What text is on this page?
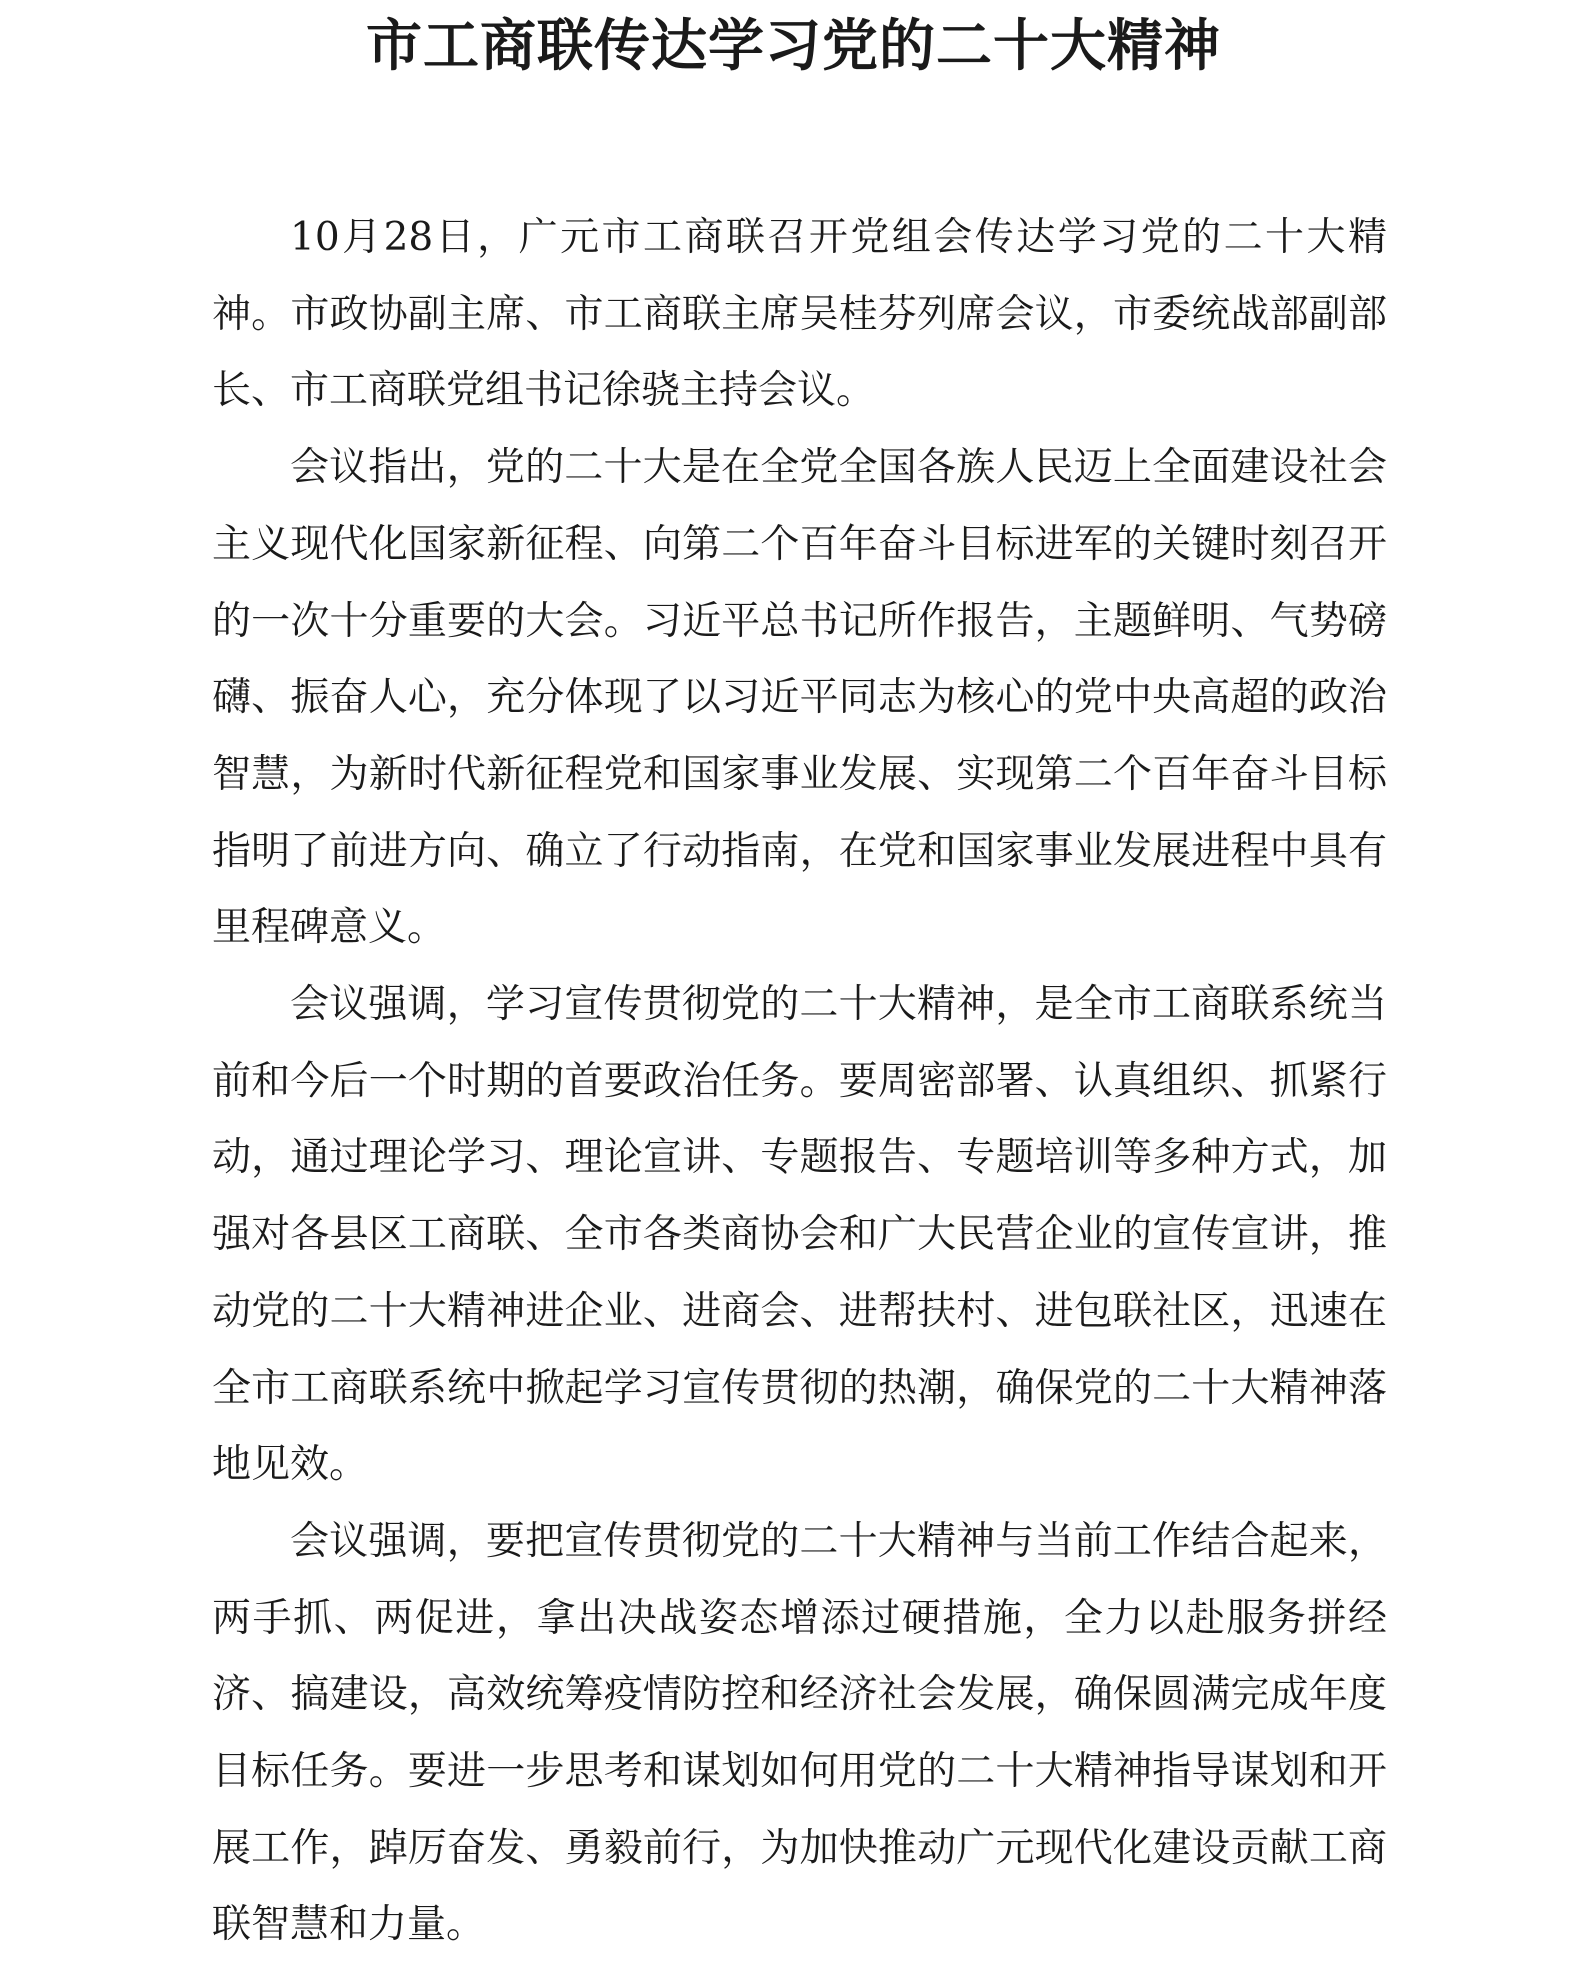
市工商联传达学习党的二十大精神

10月28日，广元市工商联召开党组会传达学习党的二十大精神。市政协副主席、市工商联主席吴桂芬列席会议，市委统战部副部长、市工商联党组书记徐骁主持会议。

会议指出，党的二十大是在全党全国各族人民迈上全面建设社会主义现代化国家新征程、向第二个百年奋斗目标进军的关键时刻召开的一次十分重要的大会。习近平总书记所作报告，主题鲜明、气势磅礴、振奋人心，充分体现了以习近平同志为核心的党中央高超的政治智慧，为新时代新征程党和国家事业发展、实现第二个百年奋斗目标指明了前进方向、确立了行动指南，在党和国家事业发展进程中具有里程碑意义。

会议强调，学习宣传贯彻党的二十大精神，是全市工商联系统当前和今后一个时期的首要政治任务。要周密部署、认真组织、抓紧行动，通过理论学习、理论宣讲、专题报告、专题培训等多种方式，加强对各县区工商联、全市各类商协会和广大民营企业的宣传宣讲，推动党的二十大精神进企业、进商会、进帮扶村、进包联社区，迅速在全市工商联系统中掀起学习宣传贯彻的热潮，确保党的二十大精神落地见效。

会议强调，要把宣传贯彻党的二十大精神与当前工作结合起来，两手抓、两促进，拿出决战姿态增添过硬措施，全力以赴服务拼经济、搞建设，高效统筹疫情防控和经济社会发展，确保圆满完成年度目标任务。要进一步思考和谋划如何用党的二十大精神指导谋划和开展工作，踔厉奋发、勇毅前行，为加快推动广元现代化建设贡献工商联智慧和力量。
